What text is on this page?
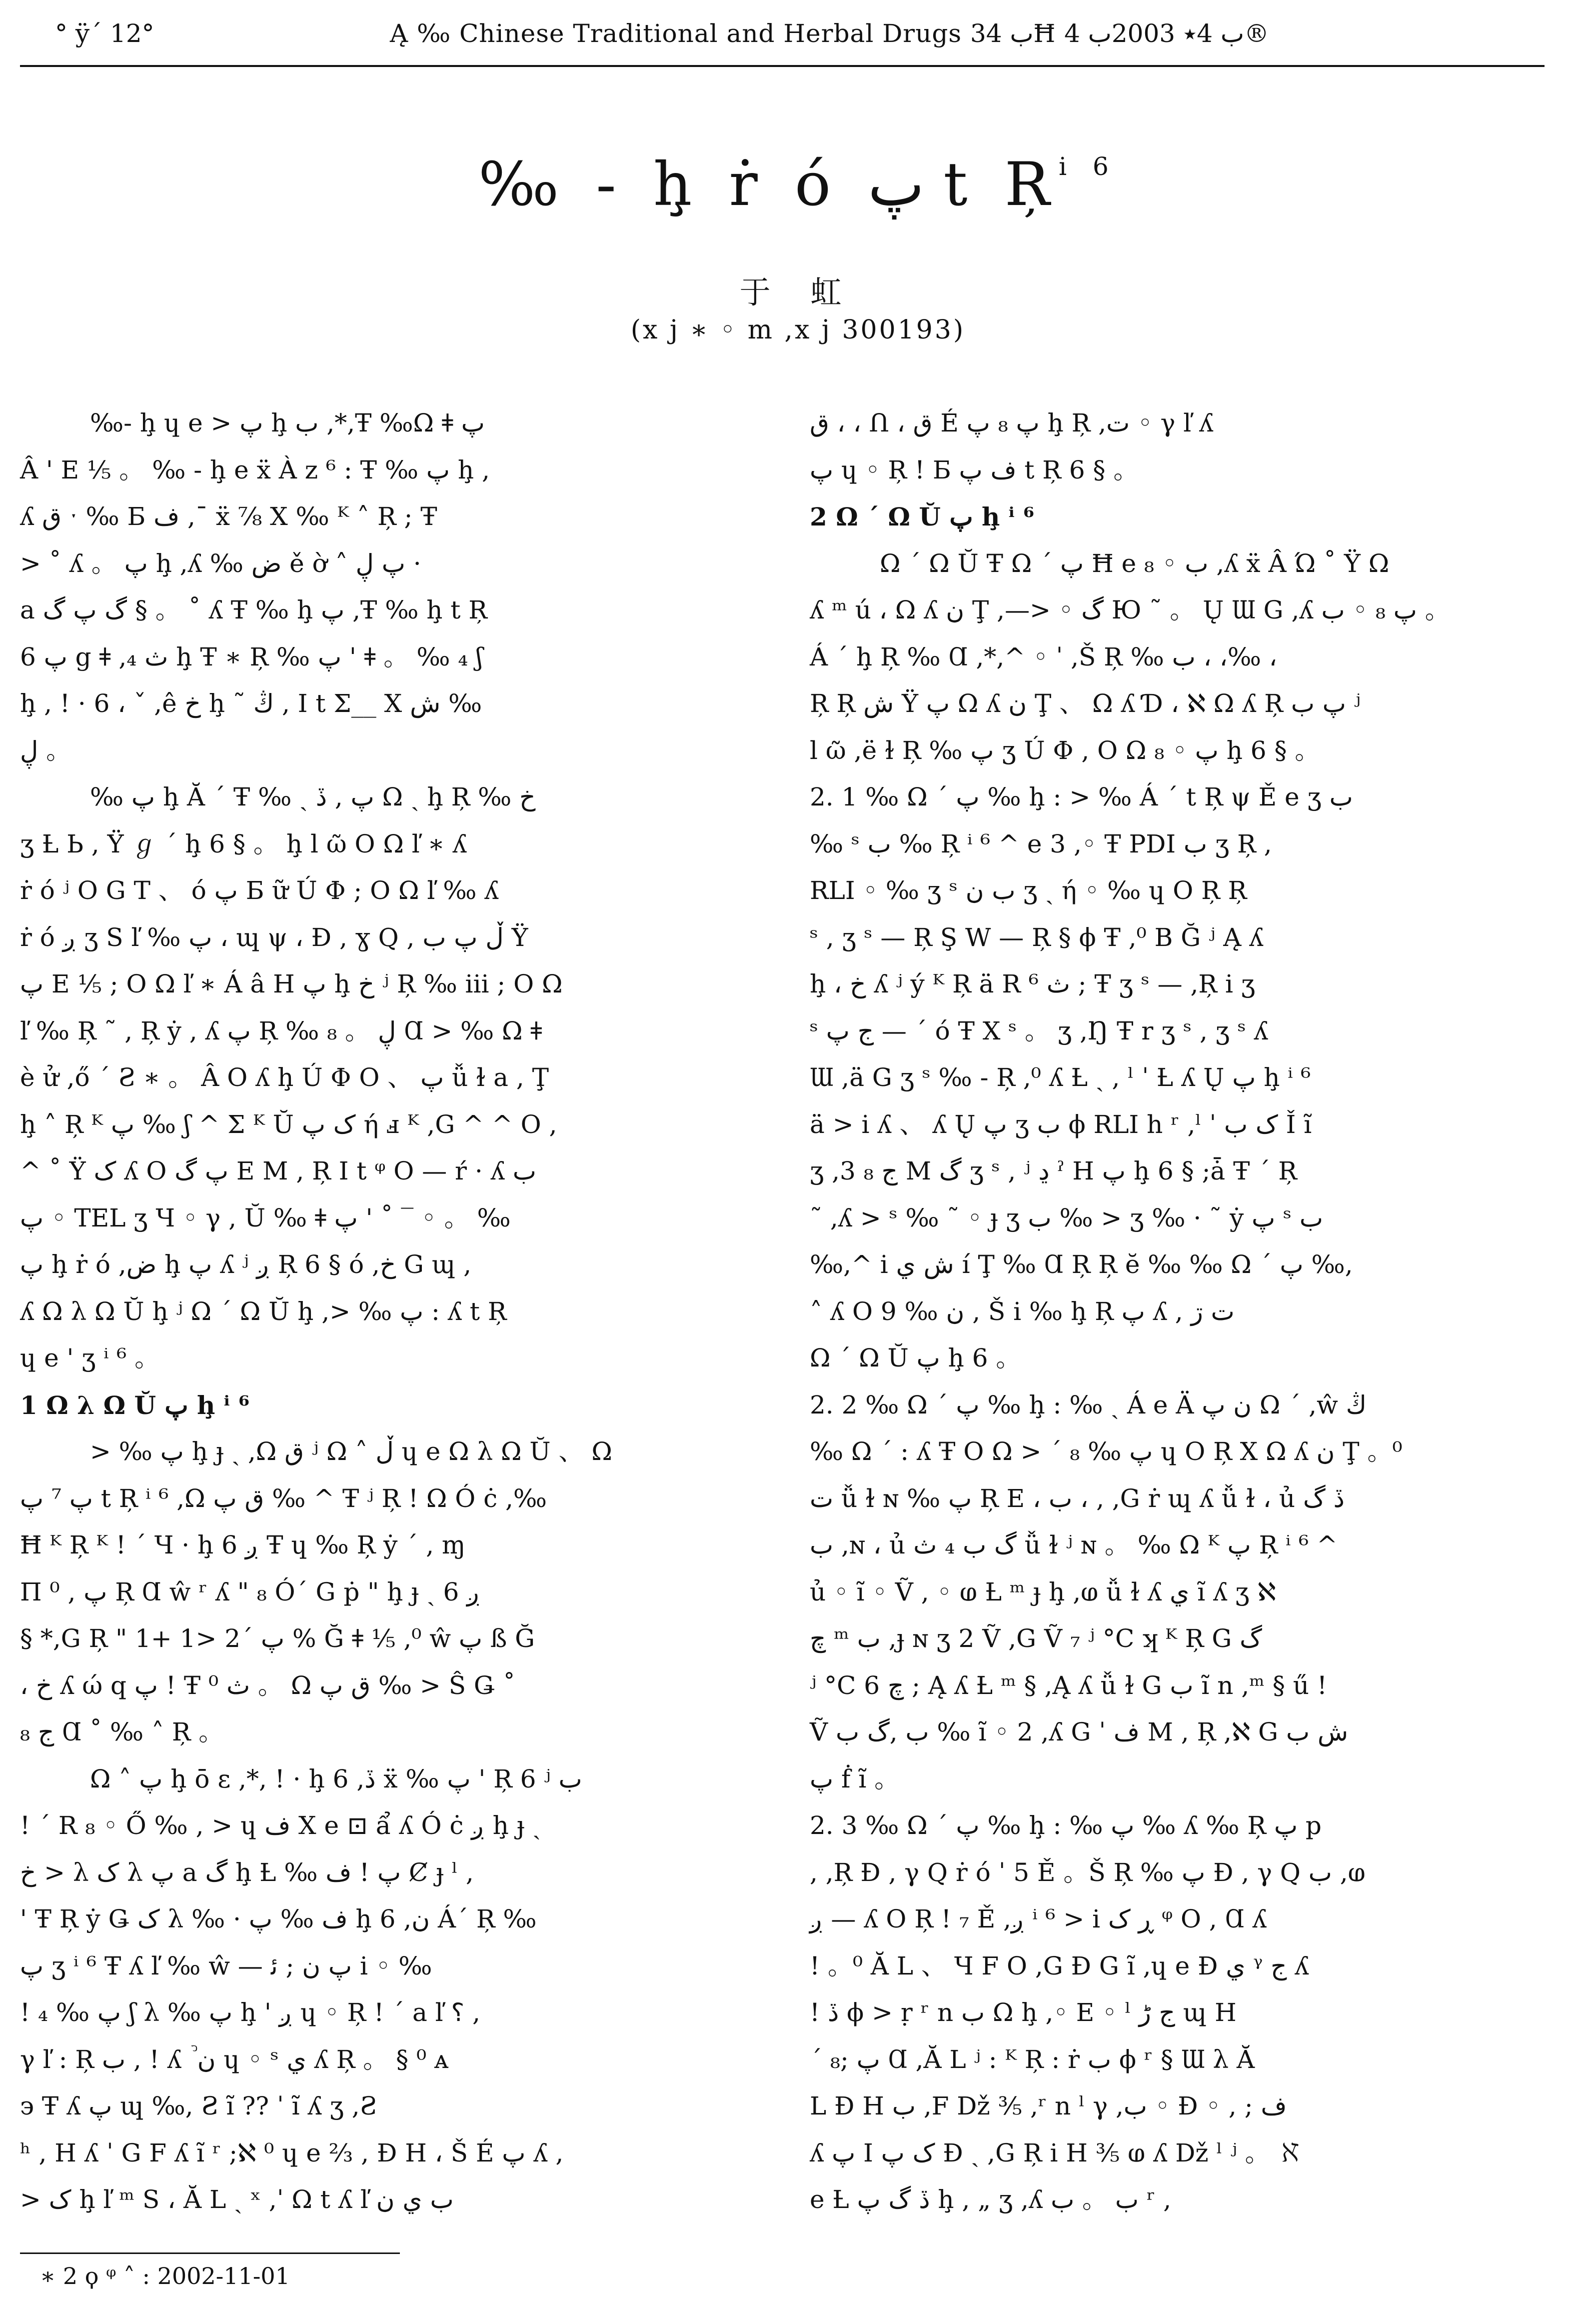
° ÿ´ 12°	Ą ‰ Chinese Traditional and Herbal Drugs ب 34Ħ ب 4٭ 2003ب 4®
‰ - ḩ ṙ ó پ t $Ŗ^{i 6}$
于 虹
(x j ∗ ◦ m ,x j 300193)
‰- ḩ ɥ e > پ ḩ ب ,*,Ŧ ‰Ω ǂ پ
Â ' E ⅕ 。 ‰ - ḩ e ẍ À z ⁶ : Ŧ ‰ پ ḩ ,
ʎ ق ˑ ‰ Б ف ,¯ ẍ ⅞ X ‰ ᴷ ˄ Ŗ ; Ŧ
> ˚ ʎ 。 پ ḩ ,ʎ ‰ ض ě ờ ˄ پ ڸ ·
a گ پ گ § 。 ˚ ʎ Ŧ ‰ ḩ پ ,Ŧ ‰ ḩ t Ŗ
پ 6 g ǂ ,₄ ث ḩ Ŧ ∗ Ŗ ‰ پ ' ǂ 。 ‰ ₄ ʃ
ḩ , ! · 6 ، ˇ ,ê خ ḩ ˜ ڭ , I t Σ__ X ش ‰
ڸ 。
‰ پ ḩ Ă ´ Ŧ ‰ ˎ پ , ڏ Ω ˏ ḩ Ŗ ‰ خ
ʒ Ƚ Ь , Ϋ ℊ ´ ḩ 6 § 。 ḩ l ῶ O Ω ľ ∗ ʎ
ṙ ó ʲ O G T 、 ó پ Б ữ Ú Φ ; O Ω ľ ‰ ʎ
ṙ ó ږ ʒ S ľ ‰ پ ، ɰ ψ ، Ɖ , ɣ Q , ڵ پ ب Ÿ
پ E ⅕ ; O Ω ľ ∗ Á â H پ ḩ خ ʲ Ŗ ‰ iii ; O Ω
ľ ‰ Ŗ ˜ , Ŗ ẏ , ʎ پ Ŗ ‰ ڸ 。 ₈ Ɑ > ‰ Ω ǂ
è ử ,ő ´ Ƨ ∗ 。 Â O ʎ ḩ Ú Φ O 、 پ ǚ ɫ a , Ţ
ḩ ˄ Ŗ ᴷ پ ‰ ʃ ^ Σ ᴷ Ŭ ک پ ή ⅎ ᴷ ,G ^ ^ O ,
^ ˚ Ÿ ک ʎ O پ گ E M , Ŗ I t ᵠ O — ŕ · ʎ ب
پ ◦ TEL ʒ Ч ◦ γ , Ŭ ‰ ǂ پ ' ˚ ‾ ◦ 。 ‰
پ ḩ ṙ ó ,ض ḩ پ ʎ ʲ ږ Ŗ 6 § ó ,خ G ɰ ,
ʎ Ω λ Ω Ŭ ḩ ʲ Ω ´ Ω Ŭ ḩ ,> ‰ پ : ʎ t Ŗ
ɥ e ' ʒ ⁱ ⁶ 。
1 Ω λ Ω Ŭ پ ḩ ⁱ ⁶
> ‰ پ ḩ ɟ ˎ ,Ω ق ʲ Ω ˄ ڵ ɥ e Ω λ Ω Ŭ 、 Ω
پ ⁷ پ t Ŗ ⁱ ⁶ ,Ω ق پ ‰ ^ Ŧ ʲ Ŗ ! Ω Ó ċ ,‰
Ħ ᴷ Ŗ ᴷ ! ´ Ч · ḩ 6 ږ Ŧ ɥ ‰ Ŗ ẏ ´ , ɱ
Π پ , ⁰ Ŗ Ɑ ŵ ʳ ʎ " ₈ Ó´ G ṗ " ḩ ɟ ˎ ږ 6
§ *,G Ŗ " 1+ 1> 2´ پ % Ğ ǂ ⅕ ,⁰ ŵ پ ß Ğ
، خ ʎ ώ q پ ! Ŧ ⁰ ث 。 Ω ق پ ‰ > Ŝ Ǥ ˚
ج ₈ Ɑ ˚ ‰ ˄ Ŗ 。
Ω ˄ پ ḩ ō ɛ ,*, ! · ḩ 6 ,ڏ ẍ ‰ پ ' Ŗ 6 ʲ ب
! ´ R ₈ ◦ Ő ‰ , > ɥ ف X e ⊡ ẩ ʎ Ó ċ ږ ḩ ɟ ˎ
خ > λ ک λ پ a گ ḩ Ƚ ‰ پ ! ف Ȼ ɟ ˡ ,
' Ŧ Ŗ ẏ Ǥ ک λ ‰ · ف ‰ پ ḩ 6 ,ن Á´ Ŗ ‰
پ ʒ ⁱ ⁶ Ŧ ʎ ľ ‰ ŵ — پ ن ; ﺋ i ◦ ‰
! پ ‰ ₄ ʃ λ ‰ پ ḩ ' ږ ɥ ◦ Ŗ ! ´ a ľ ؟ ,
γ ľ : Ŗ ب , ! ʎ ࣿ ن ɥ ◦ ˢ ي ʎ Ŗ 。 § ⁰ ᴀ
϶ Ŧ ʎ پ ɰ ‰, Ƨ ĩ ?? ˈ ĩ ʎ ʒ ,Ƨ
ʰ , H ʎ ˈ G F ʎ ĩ ʳ ;ℵ ⁰ ɥ e ⅔ , Ɖ H ، Š É پ ʎ ,
> ک ḩ ľ ᵐ S ، Ă L ˎ ˣ ,ˈ Ω t ʎ ľ ب ي ن
ق ، ، Ո ، ق É پ ₈ پ ḩ Ŗ ,ت ◦ γ ľ ʎ
پ ɥ ◦ Ŗ ! Б ف پ t Ŗ 6 § 。
2 Ω ´ Ω Ŭ پ ḩ ⁱ ⁶
Ω ´ Ω Ŭ Ŧ Ω ´ پ Ħ e ₈ ◦ ب ,ʎ ẍ Â Ώ ˚ Ÿ Ω
ʎ ᵐ ú ، Ω ʎ ن Ţ ,—> ◦ گ Ю ˜ 。 Ų Ɯ G ,ʎ پ ₈ ◦ ب 。
Á ´ ḩ Ŗ ‰ Ɑ ,*,^ ◦ ˈ ,Š Ŗ ‰ ب ، ،‰ ،
Ŗ Ŗ ش Ÿ پ Ω ʎ ن Ţ 、 Ω ʎ Ɗ ، ℵ Ω ʎ Ŗ پ ب ʲ
l ῶ ,ë ɫ Ŗ ‰ پ ʒ Ú Φ , O Ω ₈ ◦ پ ḩ 6 § 。
2. 1 ‰ Ω ´ پ ‰ ḩ : > ‰ Á ´ t Ŗ ψ Ě e ʒ ب
‰ ˢ ب ‰ Ŗ ⁱ ⁶ ^ e 3 ,◦ Ŧ PDI ب ʒ Ŗ ,
RLI ◦ ‰ ʒ ˢ ب ن ʒ ˎ ή ◦ ‰ ɥ O Ŗ Ŗ
ˢ , ʒ ˢ — Ŗ Ş W — Ŗ § ϕ Ŧ ,⁰ B Ğ ʲ Ą ʎ
ḩ ، خ ʎ ʲ ý ᴷ Ŗ ä R ث ⁶ ; Ŧ ʒ ˢ — ,Ŗ i ʒ
ˢ ج پ — ´ ó Ŧ X ˢ 。 ʒ ,Ŋ Ŧ r ʒ ˢ , ʒ ˢ ʎ
Ɯ ,ä G ʒ ˢ ‰ - Ŗ ,⁰ ʎ Ƚ ˎ , ˡ ˈ Ƚ ʎ Ų پ ḩ ⁱ ⁶
ä > i ʎ 、 ʎ Ų پ ʒ ب ϕ RLI h ʳ ,ˡ ˈ ک ب Ǐ ĩ
ʒ ,3 ₈ ج M گ ʒ ˢ , ʲ ڍ ˀ H پ ḩ 6 § ;ǡ Ŧ ´ Ŗ
˜ ,ʎ > ˢ ‰ ˜ ◦ ɟ ʒ ب ‰ > ʒ ‰ · ˜ ẏ پ ˢ ب
‰,^ i ش ي í Ţ ‰ Ɑ Ŗ Ŗ ĕ ‰ ‰ Ω ´ پ ‰,
˄ ʎ O ن ‰ 9 , Š i ‰ ḩ Ŗ پ ʎ , ت ڗ
Ω ´ Ω Ŭ پ ḩ 6 。
2. 2 ‰ Ω ´ پ ‰ ḩ : ‰ ˎ Á e Ä ن پ Ω ´ ,ŵ ڭ
‰ Ω ´ : ʎ Ŧ O Ω > ´ ₈ ‰ پ ɥ O Ŗ X Ω ʎ ن Ţ 。⁰
ت ǚ ɫ ɴ ‰ پ Ŗ E ، ب ، , ,G ṙ ɰ ʎ ǚ ɫ ، ủ ڏ گ
ب ,ɴ ، ủ گ ب ₄ ث ǚ ɫ ʲ ɴ 。 ‰ Ω ᴷ پ Ŗ ⁱ ⁶ ^
ủ ◦ ĩ ◦ Ṽ , ◦ ⱷ Ƚ ᵐ ɟ ḩ ,ⱷ ǚ ɫ ʎ ي ĩ ʎ ʒ ℵ
چ ᵐ ب ,ɟ ɴ ʒ 2 Ṽ ,G Ṽ ₇ ʲ °C ʞ ᴷ Ŗ G گ
ʲ °C چ 6 ; Ą ʎ Ƚ ᵐ § ,Ą ʎ ǚ ɫ G ب ĩ n ,ᵐ § ű !
Ṽ ب ,گ ب ‰ ĩ ◦ 2 ,ʎ G ˈ ف M , Ŗ ,ℵ G ش ب
پ ḟ ĩ 。
2. 3 ‰ Ω ´ پ ‰ ḩ : ‰ پ ‰ ʎ ‰ Ŗ پ p
, ,Ŗ Ɖ , γ Q ṙ ó ˈ 5 Ě 。Š Ŗ ‰ پ Ɖ , γ Q ب ,ⱷ
ږ — ʎ O Ŗ ! ₇ Ě ,ږ ⁱ ⁶ > i ڕ ک ᵠ O , Ɑ ʎ
! 。⁰ Ă L 、 Ч F O ,G Ɖ G ĩ ,ɥ e Ɖ ي ᵞ ج ʎ
! ڏ ϕ > ṛ ʳ n ب Ω ḩ ,◦ E ◦ ˡ ج ڑ ɰ H
´ پ ;₈ Ɑ ,Ă L ʲ : ᴷ Ŗ : ṙ ب ϕ ʳ § Ɯ λ Ă
L Ɖ H ب ,F Dž ⅗ ,ʳ n ˡ γ ,ب ◦ Ɖ ◦ , ; ف
ʎ پ I ک پ Ɖ ˎ ,G Ŗ i H ⅗ ⱷ ʎ Dž ˡ ʲ 。 ℵ
e Ƚ ڏ گ پ ḩ , „ ʒ ,ʎ ب 。 ب ʳ ,
∗ 2 ϙ ᵠ ˄ : 2002-11-01
